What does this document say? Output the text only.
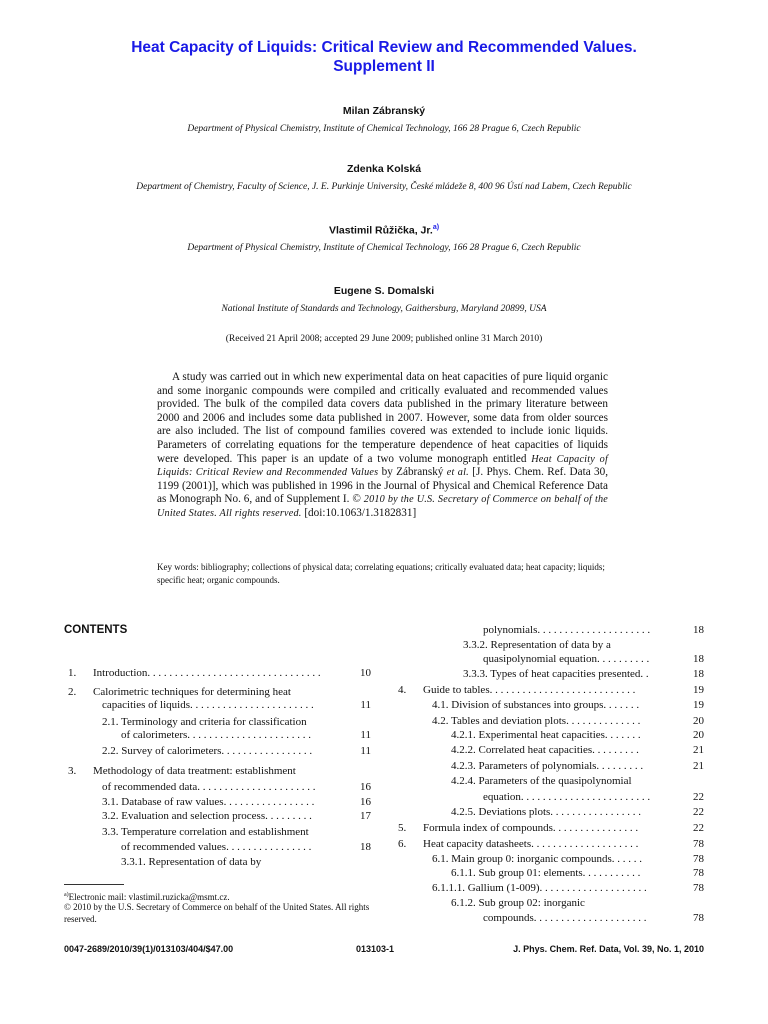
Heat Capacity of Liquids: Critical Review and Recommended Values.
Supplement II
Milan Zábranský
Department of Physical Chemistry, Institute of Chemical Technology, 166 28 Prague 6, Czech Republic
Zdenka Kolská
Department of Chemistry, Faculty of Science, J. E. Purkinje University, České mládeže 8, 400 96 Ústí nad Labem, Czech Republic
Vlastimil Růžička, Jr.$^{a)}$
Department of Physical Chemistry, Institute of Chemical Technology, 166 28 Prague 6, Czech Republic
Eugene S. Domalski
National Institute of Standards and Technology, Gaithersburg, Maryland 20899, USA
(Received 21 April 2008; accepted 29 June 2009; published online 31 March 2010)

A study was carried out in which new experimental data on heat capacities of pure liquid organic and some inorganic compounds were compiled and critically evaluated and recommended values provided. The bulk of the compiled data covers data published in the primary literature between 2000 and 2006 and includes some data published in 2007. However, some data from older sources are also included. The list of compound families covered was extended to include ionic liquids. Parameters of correlating equations for the temperature dependence of heat capacities of liquids were developed. This paper is an update of a two volume monograph entitled Heat Capacity of Liquids: Critical Review and Recommended Values by Zábranský et al. [J. Phys. Chem. Ref. Data 30, 1199 (2001)], which was published in 1996 in the Journal of Physical and Chemical Reference Data as Monograph No. 6, and of Supplement I. © 2010 by the U.S. Secretary of Commerce on behalf of the United States. All rights reserved. [doi:10.1063/1.3182831]

Key words: bibliography; collections of physical data; correlating equations; critically evaluated data; heat capacity; liquids; specific heat; organic compounds.

CONTENTS
1. Introduction. . . . . . . . . . . . . . . . . . . . . . . . . . . . . . . .	10
2. Calorimetric techniques for determining heat
capacities of liquids. . . . . . . . . . . . . . . . . . . . . . .	11
2.1. Terminology and criteria for classification
of calorimeters. . . . . . . . . . . . . . . . . . . . . . .	11
2.2. Survey of calorimeters. . . . . . . . . . . . . . . . .	11
3. Methodology of data treatment: establishment
of recommended data. . . . . . . . . . . . . . . . . . . . . .	16
3.1. Database of raw values. . . . . . . . . . . . . . . . .	16
3.2. Evaluation and selection process. . . . . . . . .	17
3.3. Temperature correlation and establishment
of recommended values. . . . . . . . . . . . . . . .	18
3.3.1. Representation of data by
polynomials. . . . . . . . . . . . . . . . . . . . .	18
3.3.2. Representation of data by a
quasipolynomial equation. . . . . . . . . .	18
3.3.3. Types of heat capacities presented. .	18
4. Guide to tables. . . . . . . . . . . . . . . . . . . . . . . . . . .	19
4.1. Division of substances into groups. . . . . . .	19
4.2. Tables and deviation plots. . . . . . . . . . . . . .	20
4.2.1. Experimental heat capacities. . . . . . .	20
4.2.2. Correlated heat capacities. . . . . . . . .	21
4.2.3. Parameters of polynomials. . . . . . . . .	21
4.2.4. Parameters of the quasipolynomial
equation. . . . . . . . . . . . . . . . . . . . . . . .	22
4.2.5. Deviations plots. . . . . . . . . . . . . . . . .	22
5. Formula index of compounds. . . . . . . . . . . . . . . .	22
6. Heat capacity datasheets. . . . . . . . . . . . . . . . . . . .	78
6.1. Main group 0: inorganic compounds. . . . . .	78
6.1.1. Sub group 01: elements. . . . . . . . . . .	78
6.1.1.1. Gallium (1-009). . . . . . . . . . . . . . . . . . . .	78
6.1.2. Sub group 02: inorganic
compounds. . . . . . . . . . . . . . . . . . . . .	78
$^{a)}$Electronic mail: vlastimil.ruzicka@msmt.cz.
© 2010 by the U.S. Secretary of Commerce on behalf of the United States. All rights reserved.
0047-2689/2010/39(1)/013103/404/$47.00	013103-1	J. Phys. Chem. Ref. Data, Vol. 39, No. 1, 2010
